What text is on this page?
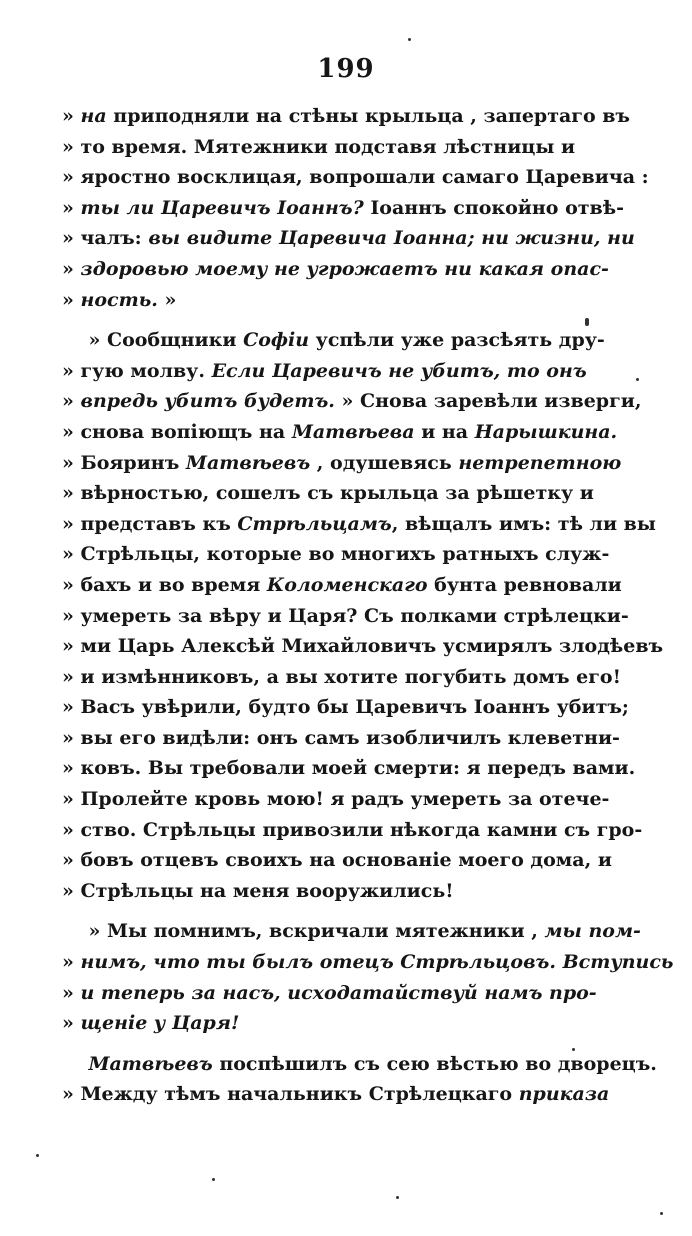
199
» на приподняли на стѣны крыльца , запертаго въ
» то время. Мятежники подставя лѣстницы и
» яростно восклицая, вопрошали самаго Царевича :
» ты ли Царевичъ Іоаннъ? Іоаннъ спокойно отвѣ-
» чалъ: вы видите Царевича Іоанна; ни жизни, ни
» здоровью моему не угрожаетъ ни какая опас-
» ность. »
» Сообщники Софіи успѣли уже разсѣять дру-
» гую молву. Если Царевичъ не убитъ, то онъ
» впредь убитъ будетъ. » Снова заревѣли изверги,
» снова вопіющъ на Матвѣева и на Нарышкина.
» Бояринъ Матвѣевъ , одушевясь неmрепетною
» вѣрностью, сошелъ съ крыльца за рѣшетку и
» представъ къ Стрѣльцамъ, вѣщалъ имъ: тѣ ли вы
» Стрѣльцы, которые во многихъ ратныхъ служ-
» бахъ и во время Коломенскаго бунта ревновали
» умереть за вѣру и Царя? Съ полками стрѣлецки-
» ми Царь Алексѣй Михайловичъ усмирялъ злодѣевъ
» и измѣнниковъ, а вы хотите погубить домъ его!
» Васъ увѣрили, будто бы Царевичъ Іоаннъ убитъ;
» вы его видѣли: онъ самъ изобличилъ клеветни-
» ковъ. Вы требовали моей смерти: я передъ вами.
» Пролейте кровь мою! я радъ умереть за отече-
» ство. Стрѣльцы привозили нѣкогда камни съ гро-
» бовъ отцевъ своихъ на основаніе моего дома, и
» Стрѣльцы на меня вооружились!
» Мы помнимъ, вскричали мятежники , мы пом-
» нимъ, что ты былъ отецъ Стрѣльцовъ. Вступись
» и теперь за насъ, исходатайствуй намъ про-
» щеніе у Царя!
Матвѣевъ поспѣшилъ съ сею вѣстью во дворецъ.
» Между тѣмъ начальникъ Стрѣлецкаго приказа
